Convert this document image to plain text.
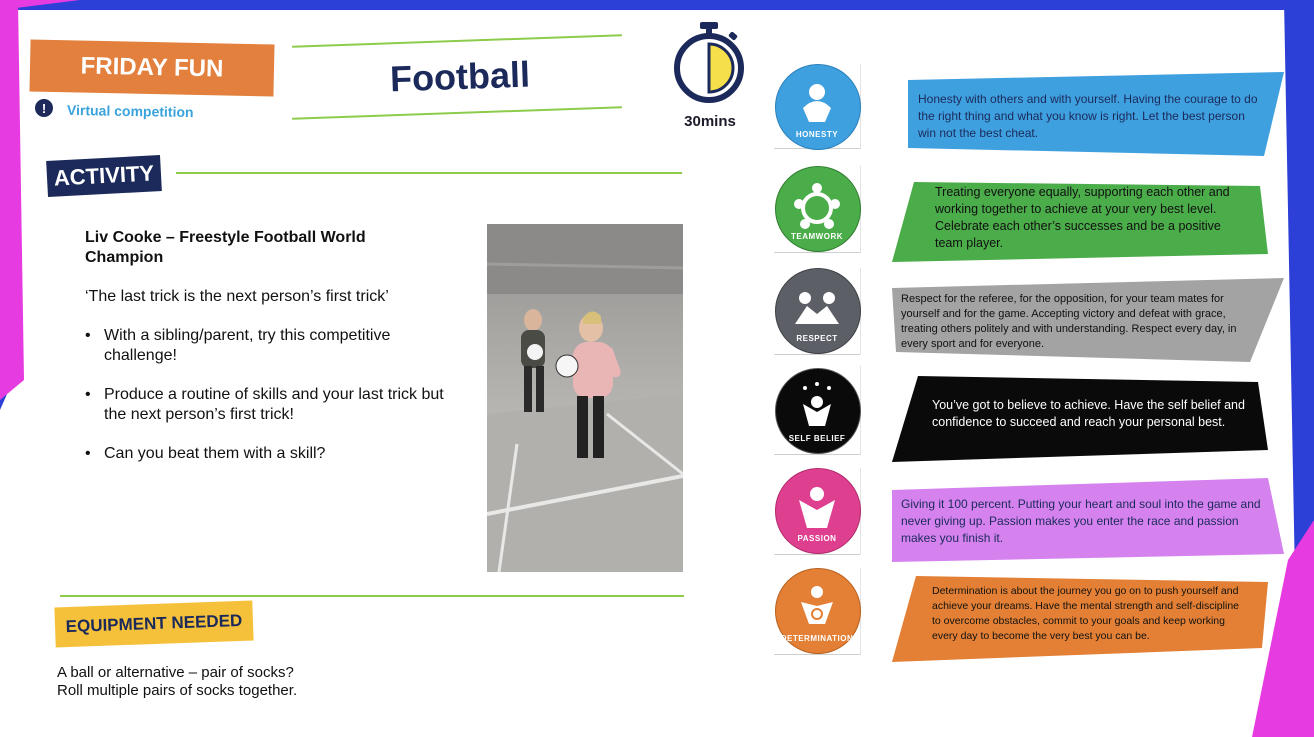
FRIDAY FUN
!	Virtual competition
Football
30mins
ACTIVITY
Liv Cooke – Freestyle Football World Champion
‘The last trick is the next person’s first trick’
• With a sibling/parent, try this competitive challenge!
• Produce a routine of skills and your last trick but the next person’s first trick!
• Can you beat them with a skill?
EQUIPMENT NEEDED
A ball or alternative – pair of socks?
Roll multiple pairs of socks together.
HONESTY
Honesty with others and with yourself. Having the courage to do the right thing and what you know is right. Let the best person win not the best cheat.
TEAMWORK
Treating everyone equally, supporting each other and working together to achieve at your very best level. Celebrate each other’s successes and be a positive team player.
RESPECT
Respect for the referee, for the opposition, for your team mates for yourself and for the game. Accepting victory and defeat with grace, treating others politely and with understanding. Respect every day, in every sport and for everyone.
SELF BELIEF
You’ve got to believe to achieve. Have the self belief and confidence to succeed and reach your personal best.
PASSION
Giving it 100 percent. Putting your heart and soul into the game and never giving up. Passion makes you enter the race and passion makes you finish it.
DETERMINATION
Determination is about the journey you go on to push yourself and achieve your dreams. Have the mental strength and self-discipline to overcome obstacles, commit to your goals and keep working every day to become the very best you can be.
